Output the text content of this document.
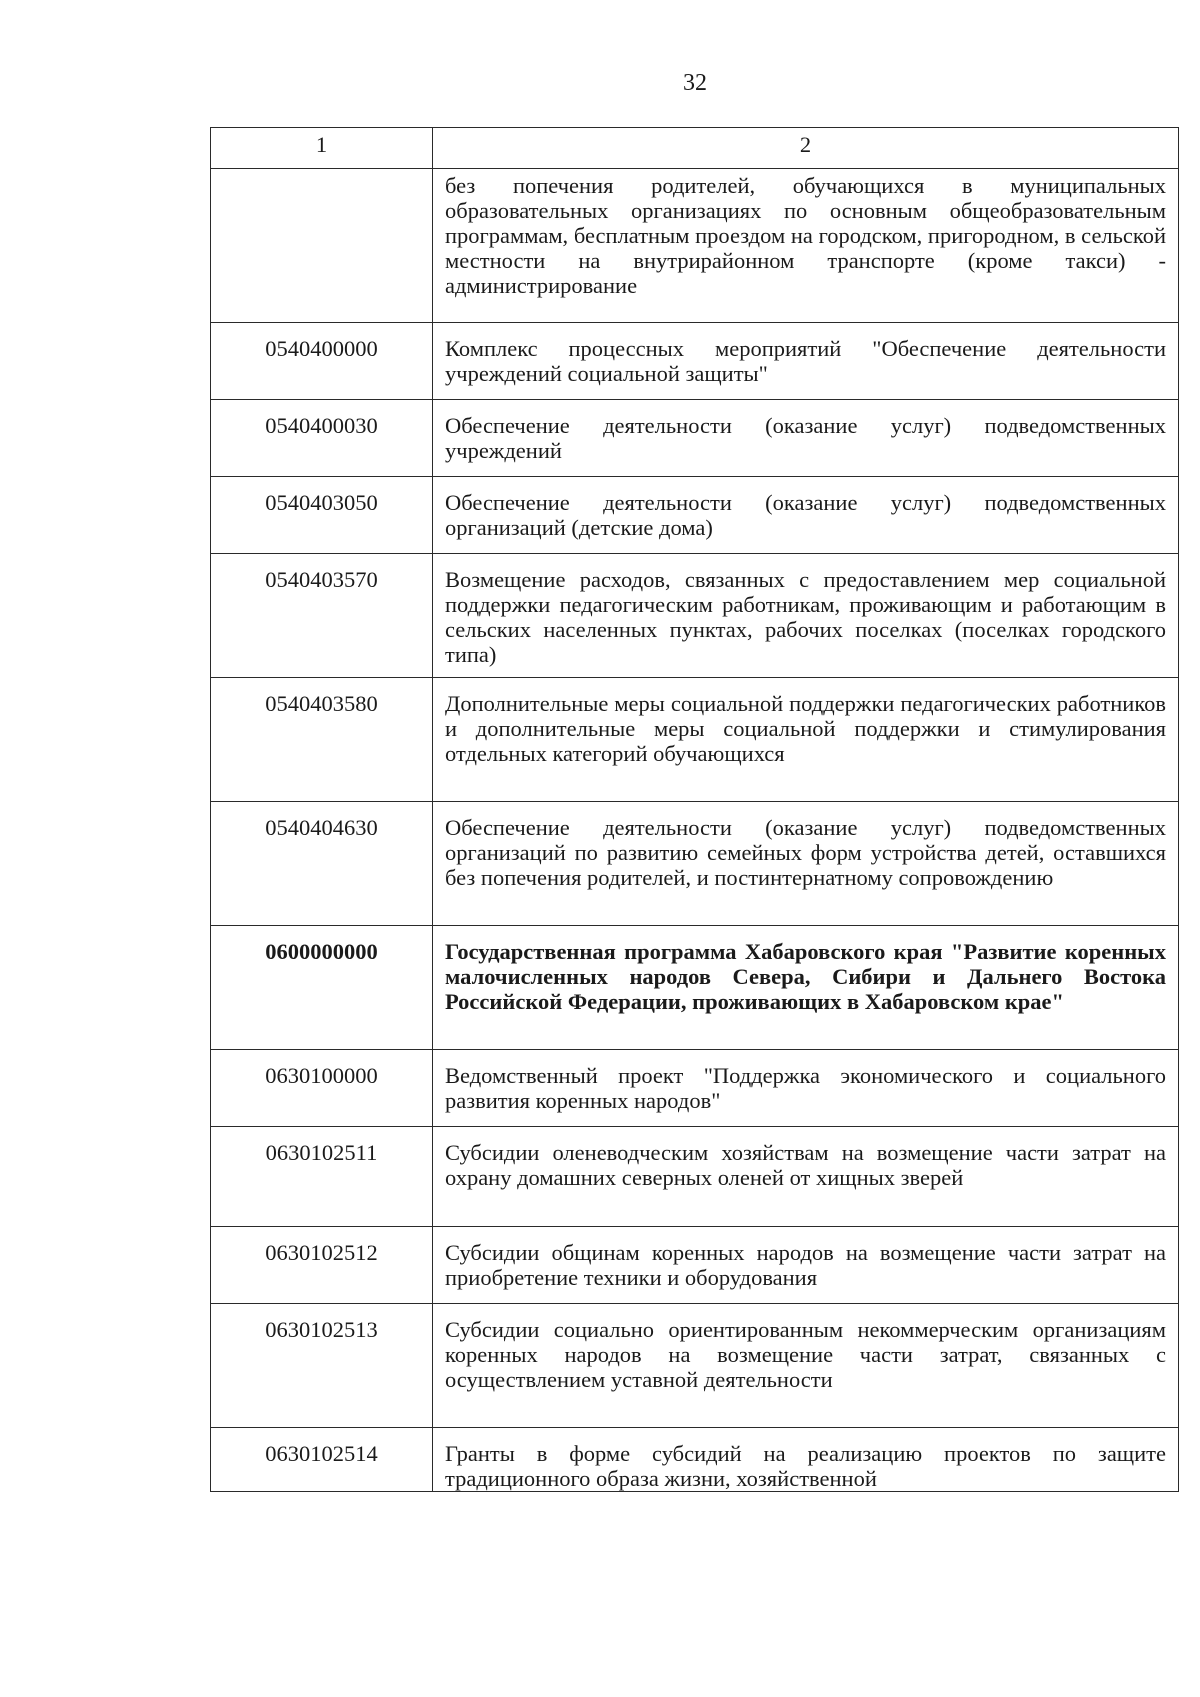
32
1	2
	без попечения родителей, обучающихся в муниципальных образовательных организациях по основным общеобразовательным программам, бесплатным проездом на городском, пригородном, в сельской местности на внутрирайонном транспорте (кроме такси) - администрирование
0540400000	Комплекс процессных мероприятий "Обеспечение деятельности учреждений социальной защиты"
0540400030	Обеспечение деятельности (оказание услуг) подведомственных учреждений
0540403050	Обеспечение деятельности (оказание услуг) подведомственных организаций (детские дома)
0540403570	Возмещение расходов, связанных с предоставлением мер социальной поддержки педагогическим работникам, проживающим и работающим в сельских населенных пунктах, рабочих поселках (поселках городского типа)
0540403580	Дополнительные меры социальной поддержки педагогических работников и дополнительные меры социальной поддержки и стимулирования отдельных категорий обучающихся
0540404630	Обеспечение деятельности (оказание услуг) подведомственных организаций по развитию семейных форм устройства детей, оставшихся без попечения родителей, и постинтернатному сопровождению
0600000000	Государственная программа Хабаровского края "Развитие коренных малочисленных народов Севера, Сибири и Дальнего Востока Российской Федерации, проживающих в Хабаровском крае"
0630100000	Ведомственный проект "Поддержка экономического и социального развития коренных народов"
0630102511	Субсидии оленеводческим хозяйствам на возмещение части затрат на охрану домашних северных оленей от хищных зверей
0630102512	Субсидии общинам коренных народов на возмещение части затрат на приобретение техники и оборудования
0630102513	Субсидии социально ориентированным некоммерческим организациям коренных народов на возмещение части затрат, связанных с осуществлением уставной деятельности
0630102514	Гранты в форме субсидий на реализацию проектов по защите традиционного образа жизни, хозяйственной
